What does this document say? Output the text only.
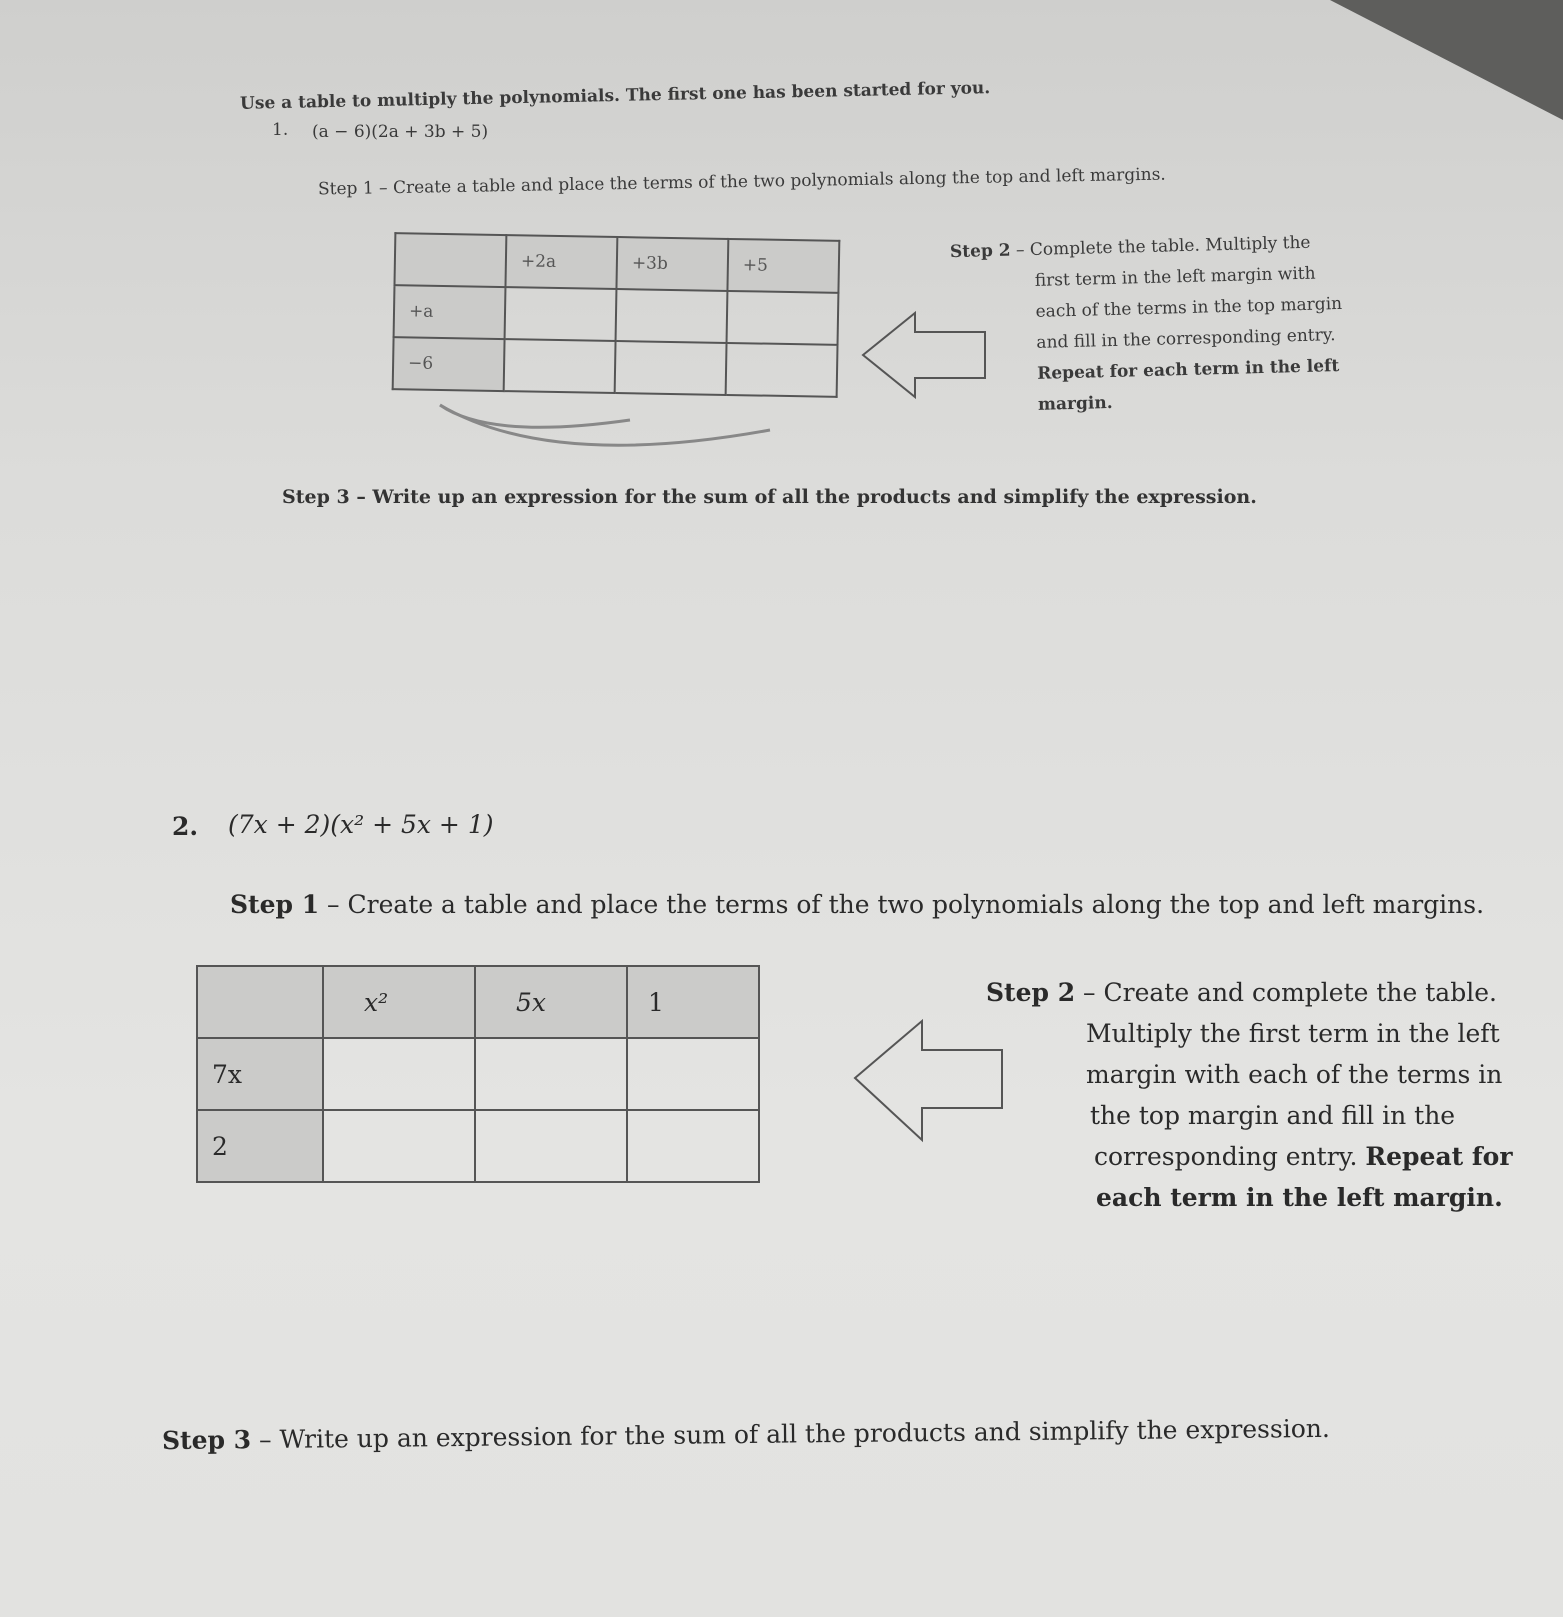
Use a table to multiply the polynomials. The first one has been started for you.
1. (a − 6)(2a + 3b + 5)
Step 1 – Create a table and place the terms of the two polynomials along the top and left margins.
	+2a	+3b	+5
+a			
−6			
Step 2 – Complete the table. Multiply the
first term in the left margin with
each of the terms in the top margin
and fill in the corresponding entry.
Repeat for each term in the left
margin.
Step 3 – Write up an expression for the sum of all the products and simplify the expression.
2. (7x + 2)(x² + 5x + 1)
Step 1 – Create a table and place the terms of the two polynomials along the top and left margins.
	x²	5x	1
7x			
2			
Step 2 – Create and complete the table.
Multiply the first term in the left
margin with each of the terms in
the top margin and fill in the
corresponding entry. Repeat for
each term in the left margin.
Step 3 – Write up an expression for the sum of all the products and simplify the expression.
